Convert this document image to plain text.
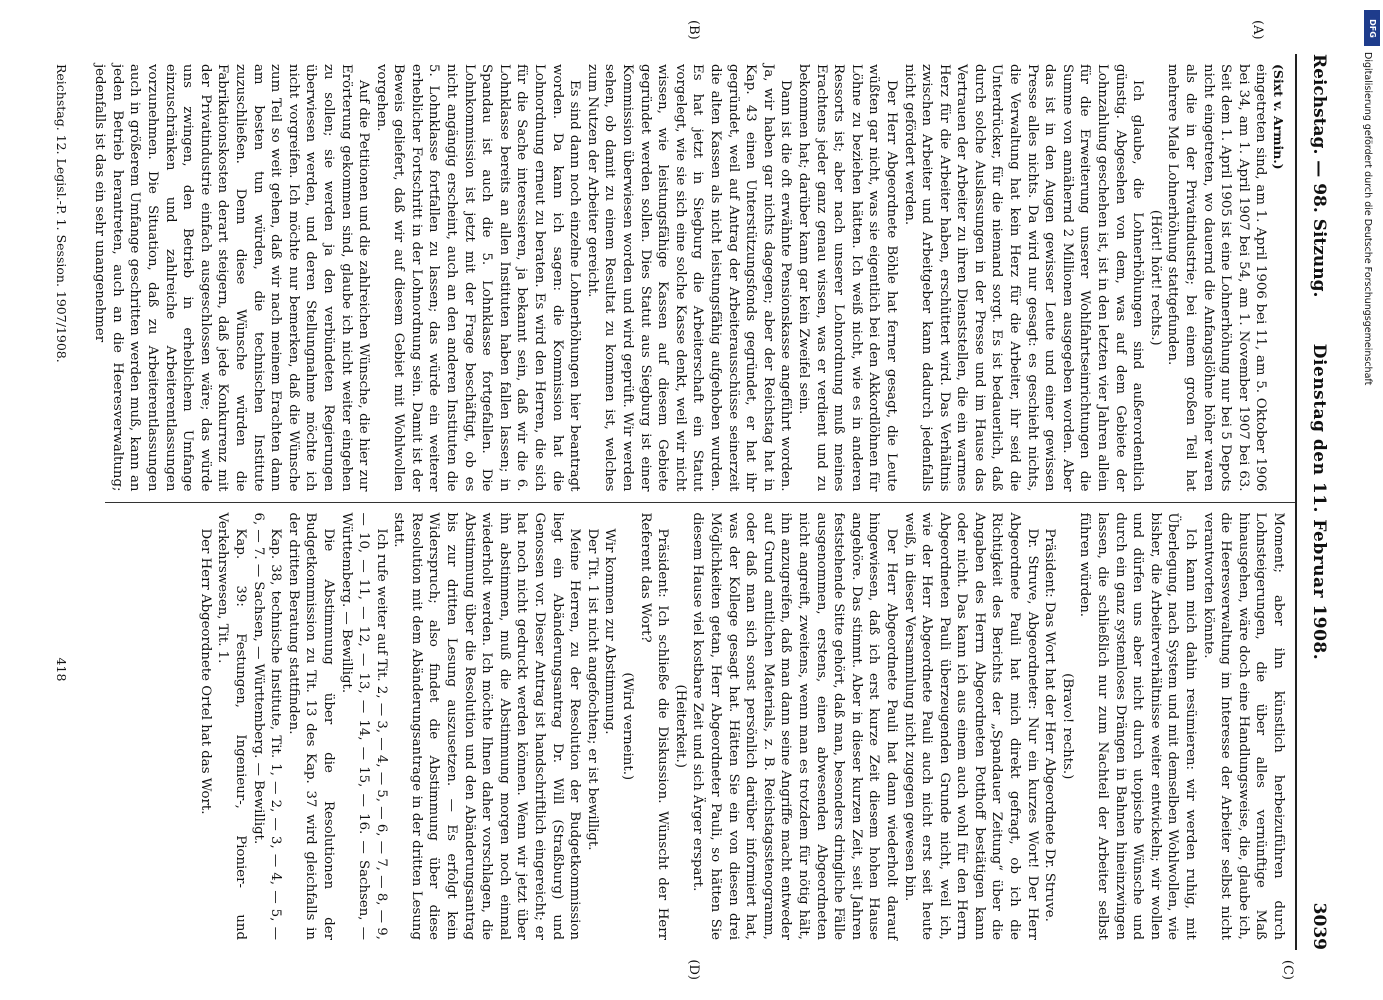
Reichstag. — 98. Sitzung.
Dienstag den 11. Februar 1908.
3039
(A)
(B)
(C)
(D)

(Sixt v. Armin.)

eingetreten sind, am 1. April 1906 bei 11, am 5. Oktober 1906 bei 34, am 1. April 1907 bei 54, am 1. November 1907 bei 63. Seit dem 1. April 1905 ist eine Lohnerhöhung nur bei 5 Depots nicht eingetreten, wo dauernd die Anfangslöhne höher waren als die in der Privatindustrie; bei einem großen Teil hat mehrere Male Lohnerhöhung stattgefunden.

(Hört! hört! rechts.)

Ich glaube, die Lohnerhöhungen sind außerordentlich günstig. Abgesehen von dem, was auf dem Gebiete der Lohnzahlung geschehen ist, ist in den letzten vier Jahren allein für die Erweiterung unserer Wohlfahrtseinrichtungen die Summe von annähernd 2 Millionen ausgegeben worden. Aber das ist in den Augen gewisser Leute und einer gewissen Presse alles nichts. Da wird nur gesagt: es geschieht nichts, die Verwaltung hat kein Herz für die Arbeiter, ihr seid die Unterdrücker, für die niemand sorgt. Es ist bedauerlich, daß durch solche Auslassungen in der Presse und im Hause das Vertrauen der Arbeiter zu ihren Dienststellen, die ein warmes Herz für die Arbeiter haben, erschüttert wird. Das Verhältnis zwischen Arbeiter und Arbeitgeber kann dadurch jedenfalls nicht gefördert werden.

Der Herr Abgeordnete Böhle hat ferner gesagt, die Leute wüßten gar nicht, was sie eigentlich bei den Akkordlöhnen für Löhne zu beziehen hätten. Ich weiß nicht, wie es in anderen Ressorts ist; aber nach unserer Lohnordnung muß meines Erachtens jeder ganz genau wissen, was er verdient und zu bekommen hat; darüber kann gar kein Zweifel sein.

Dann ist die oft erwähnte Pensionskasse angeführt worden. Ja, wir haben gar nichts dagegen; aber der Reichstag hat in Kap. 43 einen Unterstützungsfonds gegründet, er hat ihr gegründet, weil auf Antrag der Arbeiterausschüsse seinerzeit die alten Kassen als nicht leistungsfähig aufgehoben wurden. Es hat jetzt in Siegburg die Arbeiterschaft ein Statut vorgelegt, wie sie sich eine solche Kasse denkt, weil wir nicht wissen, wie leistungsfähige Kassen auf diesem Gebiete gegründet werden sollen. Dies Statut aus Siegburg ist einer Kommission überwiesen worden und wird geprüft. Wir werden sehen, ob damit zu einem Resultat zu kommen ist, welches zum Nutzen der Arbeiter gereicht.

Es sind dann noch einzelne Lohnerhöhungen hier beantragt worden. Da kann ich sagen: die Kommission hat die Lohnordnung erneut zu beraten. Es wird den Herren, die sich für die Sache interessieren, ja bekannt sein, daß wir die 6. Lohnklasse bereits an allen Instituten haben fallen lassen; in Spandau ist auch die 5. Lohnklasse fortgefallen. Die Lohnkommission ist jetzt mit der Frage beschäftigt, ob es nicht angängig erscheint, auch an den anderen Instituten die 5. Lohnklasse fortfallen zu lassen; das würde ein weiterer erheblicher Fortschritt in der Lohnordnung sein. Damit ist der Beweis geliefert, daß wir auf diesem Gebiet mit Wohlwollen vorgehen.

Auf die Petitionen und die zahlreichen Wünsche, die hier zur Erörterung gekommen sind, glaube ich nicht weiter eingehen zu sollen; sie werden ja den verbündeten Regierungen überwiesen werden, und deren Stellungnahme möchte ich nicht vorgreifen. Ich möchte nur bemerken, daß die Wünsche zum Teil so weit gehen, daß wir nach meinem Erachten dann am besten tun würden, die technischen Institute zuzuschließen. Denn diese Wünsche würden die Fabrikationskosten derart steigern, daß jede Konkurrenz mit der Privatindustrie einfach ausgeschlossen wäre; das würde uns zwingen, den Betrieb in erheblichem Umfange einzuschränken und zahlreiche Arbeiterentlassungen vorzunehmen. Die Situation, daß zu Arbeiterentlassungen auch in größerem Umfange geschritten werden muß, kann an jeden Betrieb herantreten, auch an die Heeresverwaltung; jedenfalls ist das ein sehr unangenehmer

Moment; aber ihn künstlich herbeizuführen durch Lohnsteigerungen, die über alles vernünftige Maß hinausgehen, wäre doch eine Handlungsweise, die, glaube ich, die Heeresverwaltung im Interesse der Arbeiter selbst nicht verantworten könnte.

Ich kann mich dahin resümieren: wir werden ruhig, mit Überlegung, nach System und mit demselben Wohlwollen, wie bisher, die Arbeiterverhältnisse weiter entwickeln; wir wollen und dürfen uns aber nicht durch utopische Wünsche und durch ein ganz systemloses Drängen in Bahnen hineinzwingen lassen, die schließlich nur zum Nachteil der Arbeiter selbst führen würden.

(Bravo! rechts.)

Präsident: Das Wort hat der Herr Abgeordnete Dr. Struve.

Dr. Struve, Abgeordneter: Nur ein kurzes Wort! Der Herr Abgeordnete Pauli hat mich direkt gefragt, ob ich die Richtigkeit des Berichts der „Spandauer Zeitung“ über die Angaben des Herrn Abgeordneten Potthoff bestätigen kann oder nicht. Das kann ich aus einem auch wohl für den Herrn Abgeordneten Pauli überzeugenden Grunde nicht, weil ich, wie der Herr Abgeordnete Pauli auch nicht erst seit heute weiß, in dieser Versammlung nicht zugegen gewesen bin.

Der Herr Abgeordnete Pauli hat dann wiederholt darauf hingewiesen, daß ich erst kurze Zeit diesem hohen Hause angehöre. Das stimmt. Aber in dieser kurzen Zeit, seit Jahren feststehende Sitte gehört, daß man, besonders dringliche Fälle ausgenommen, erstens, einen abwesenden Abgeordneten nicht angreift, zweitens, wenn man es trotzdem für nötig hält, ihn anzugreifen, daß man dann seine Angriffe macht entweder auf Grund amtlichen Materials, z. B. Reichstagsstenogramm, oder daß man sich sonst persönlich darüber informiert hat, was der Kollege gesagt hat. Hätten Sie ein von diesen drei Möglichkeiten getan, Herr Abgeordneter Pauli, so hätten Sie diesem Hause viel kostbare Zeit und sich Ärger erspart.

(Heiterkeit.)

Präsident: Ich schließe die Diskussion. Wünscht der Herr Referent das Wort?

(Wird verneint.)

Wir kommen zur Abstimmung.

Der Tit. 1 ist nicht angefochten; er ist bewilligt.

Meine Herren, zu der Resolution der Budgetkommission liegt ein Abänderungsantrag Dr. Will (Straßburg) und Genossen vor. Dieser Antrag ist handschriftlich eingereicht; er hat noch nicht gedruckt werden können. Wenn wir jetzt über ihn abstimmen, muß die Abstimmung morgen noch einmal wiederholt werden. Ich möchte Ihnen daher vorschlagen, die Abstimmung über die Resolution und den Abänderungsantrag bis zur dritten Lesung auszusetzen. — Es erfolgt kein Widerspruch; also findet die Abstimmung über diese Resolution mit dem Abänderungsantrage in der dritten Lesung statt.

Ich rufe weiter auf Tit. 2, — 3, — 4, — 5, — 6, — 7, — 8, — 9, — 10, — 11, — 12, — 13, — 14, — 15, — 16. — Sachsen, — Württemberg. — Bewilligt.

Die Abstimmung über die Resolutionen der Budgetkommission zu Tit. 13 des Kap. 37 wird gleichfalls in der dritten Beratung stattfinden.

Kap. 38, technische Institute, Tit. 1, — 2, — 3, — 4, — 5, — 6, — 7. — Sachsen, — Württemberg. — Bewilligt.

Kap. 39: Festungen, Ingenieur-, Pionier- und Verkehrswesen, Tit. 1.

Der Herr Abgeordnete Ortel hat das Wort.

Reichstag. 12. Legisl.-P. 1. Session. 1907/1908.
418
DFG
Digitalisierung gefördert durch die Deutsche Forschungsgemeinschaft
